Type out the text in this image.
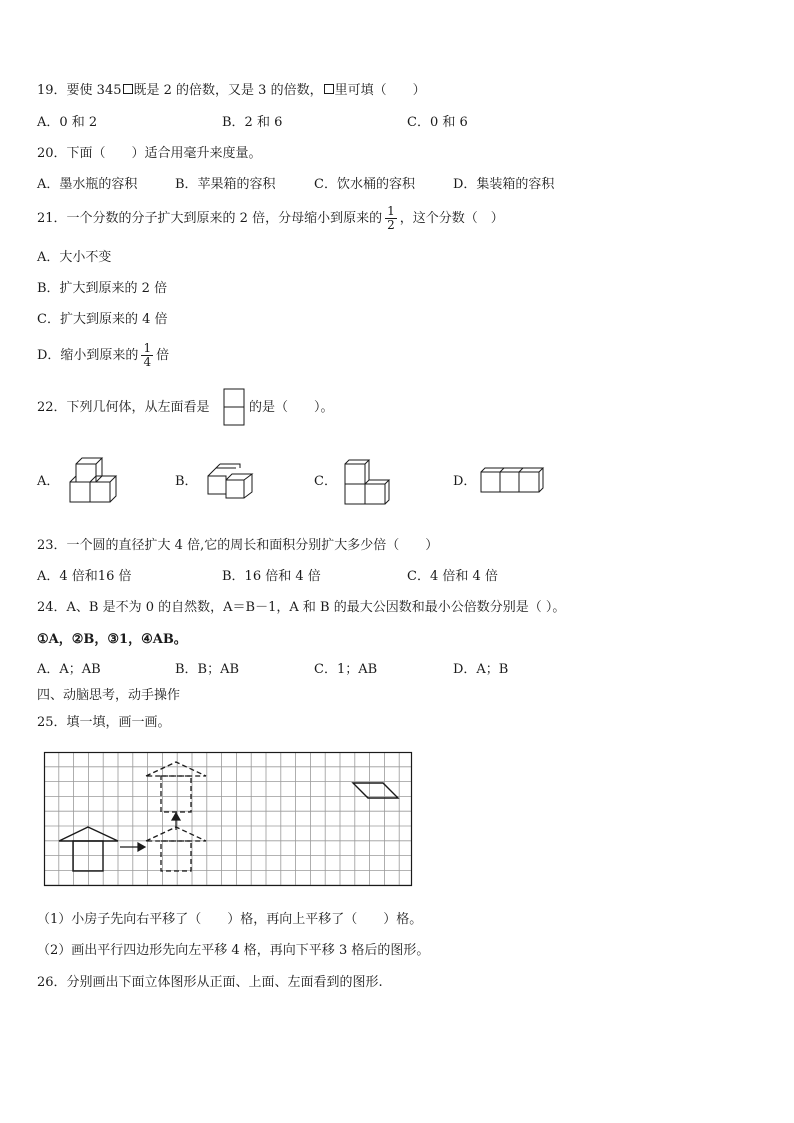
19．要使 345 既是 2 的倍数，又是 3 的倍数， 里可填（　　）
A．0 和 2	B．2 和 6	C．0 和 6
20．下面（　　）适合用毫升来度量。
A．墨水瓶的容积	B．苹果箱的容积	C．饮水桶的容积	D．集装箱的容积
21．一个分数的分子扩大到原来的 2 倍，分母缩小到原来的 $\frac{1}{2}$ ，这个分数（　）
A．大小不变
B．扩大到原来的 2 倍
C．扩大到原来的 4 倍
D．缩小到原来的 $\frac{1}{4}$ 倍
22．下列几何体，从左面看是	的是（　　）。
A．	B．	C．	D．
23．一个圆的直径扩大 4 倍,它的周长和面积分别扩大多少倍（　　）
A．4 倍和16 倍	B．16 倍和 4 倍	C．4 倍和 4 倍
24．A、B 是不为 0 的自然数，A＝B－1，A 和 B 的最大公因数和最小公倍数分别是（ ）。
①A，②B，③1，④AB。
A．A；AB	B．B；AB	C．1；AB	D．A；B
四、动脑思考，动手操作
25．填一填，画一画。
（1）小房子先向右平移了（　　）格，再向上平移了（　　）格。
（2）画出平行四边形先向左平移 4 格，再向下平移 3 格后的图形。
26．分别画出下面立体图形从正面、上面、左面看到的图形.
